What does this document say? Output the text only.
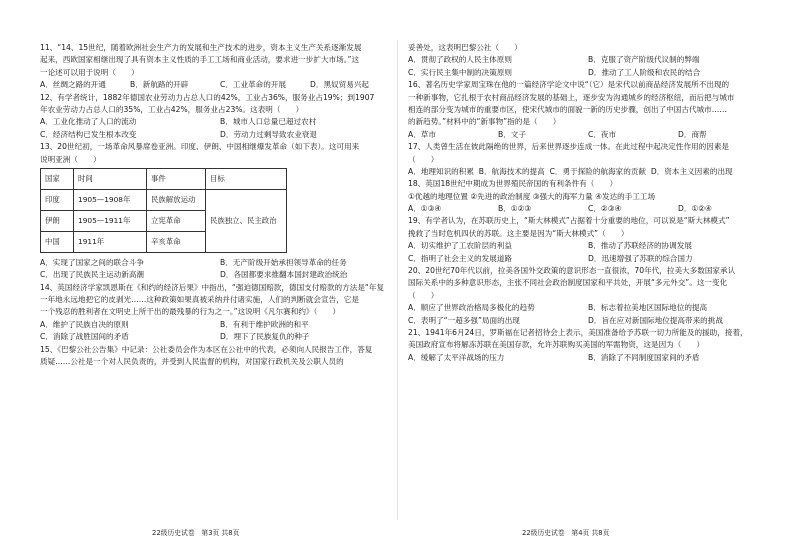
11、“14、15世纪，随着欧洲社会生产力的发展和生产技术的进步，资本主义生产关系逐渐发展
起来，西欧国家相继出现了具有资本主义性质的手工工场和商业活动，要求进一步扩大市场。”这
一论述可以用于说明（　　）
A．丝绸之路的开通	B．新航路的开辟	C．工业革命的开展	D．黑奴贸易兴起
12、有学者统计，1882年德国农业劳动力占总人口的42%，工业占36%，服务业占19%；到1907
年农业劳动力占总人口的35%，工业占42%，服务业占23%。这表明（　　）
A．工业化推动了人口的流动	B．城市人口总量已超过农村
C．经济结构已发生根本改变	D．劳动力过剩导致农业衰退
13、20世纪初，一场革命风暴席卷亚洲。印度、伊朗、中国相继爆发革命（如下表）。这可用来
说明亚洲（　　）
国家	时间	事件	目标
印度	1905—1908年	民族解放运动	民族独立、民主政治
伊朗	1905—1911年	立宪革命	
中国	1911年	辛亥革命	
A．实现了国家之间的联合斗争	B．无产阶级开始承担领导革命的任务
C．出现了民族民主运动新高潮	D．各国都要求推翻本国封建政治统治
14、英国经济学家凯恩斯在《和约的经济后果》中指出，“强迫德国赔款，德国支付赔款的方法是“年复
一年地永远地把它的皮剥光……这种政策如果真被采纳并付诸实施，人们的判断就会宣告，它是
一个残忍的胜利者在文明史上所干出的最残暴的行为之一。”这说明《凡尔赛和约》（　　）
A．维护了民族自决的原则	B．有利于维护欧洲的和平
C．消除了战胜国间的矛盾	D．埋下了民族复仇的种子
15、《巴黎公社公告集》中记录：公社委员会作为本区在公社中的代表，必须向人民报告工作，答复
质疑……公社是一个对人民负责的，并受到人民监督的机构，对国家行政机关及公职人员的
妥善处，这表明巴黎公社（　　）
A．贯彻了政权的人民主体原则	B．克服了资产阶级代议制的弊端
C．实行民主集中制的决策原则	D．推动了工人阶级和农民的结合
16、著名历史学家周宝珠在他的一篇经济学论文中说“（它）是宋代以前商品经济发展所不出现的
一种新事物，它扎根于农村商品经济发展的基础上，逐步安为沟通城乡的经济枢纽，而后把与城市
相连的部分变为城市的重要市区，使宋代城市的面貌一新的历史步骤，创出了中国古代城市……
的新趋势。”材料中的“新事物”指的是（　　）
A．草市	B．文子	C．夜市	D．商帮
17、人类曾生活在彼此隔绝的世界，后来世界逐步连成一体。在此过程中起决定性作用的因素是
（　　）
A．地理知识的积累 B．航海技术的提高 C．勇于探险的航海家的贡献 D．资本主义因素的出现
18、英国18世纪中期成为世界殖民帝国的有利条件有（　　）
①优越的地理位置 ②先进的政治制度 ③强大的海军力量 ④发达的手工工场
A．①③④	B．①②③	C．②③④	D．①②④
19、有学者认为，在苏联历史上，“斯大林模式”占据着十分重要的地位，可以说是“斯大林模式”
挽救了当时危机四伏的苏联。这主要是因为“斯大林模式”（　　）
A．切实维护了工农阶层的利益	B．推动了苏联经济的协调发展
C．指明了社会主义的发展道路	D．迅速增强了苏联的综合国力
20、20世纪70年代以前，拉美各国外交政策的意识形态一直很浓，70年代，拉美大多数国家承认
国际关系中的多种意识形态，主张不同社会政治制度国家和平共处，开展“多元外交”。这一变化
（　　）
A．顺应了世界政治格局多极化的趋势	B．标志着拉美地区国际地位的提高
C．表明了“一超多强”局面的出现	D．旨在应对新国际地位提高带来的挑战
21、1941年6月24日，罗斯福在记者招待会上表示，美国准备给予苏联一切力所能及的援助，接着，
美国政府宣布将解冻苏联在美国存款，允许苏联购买美国的军需物资，这是因为（　　）
A．缓解了太平洋战场的压力	B．消除了不同制度国家间的矛盾
22级历史试卷　第3页 共8页	22级历史试卷　第4页 共8页
